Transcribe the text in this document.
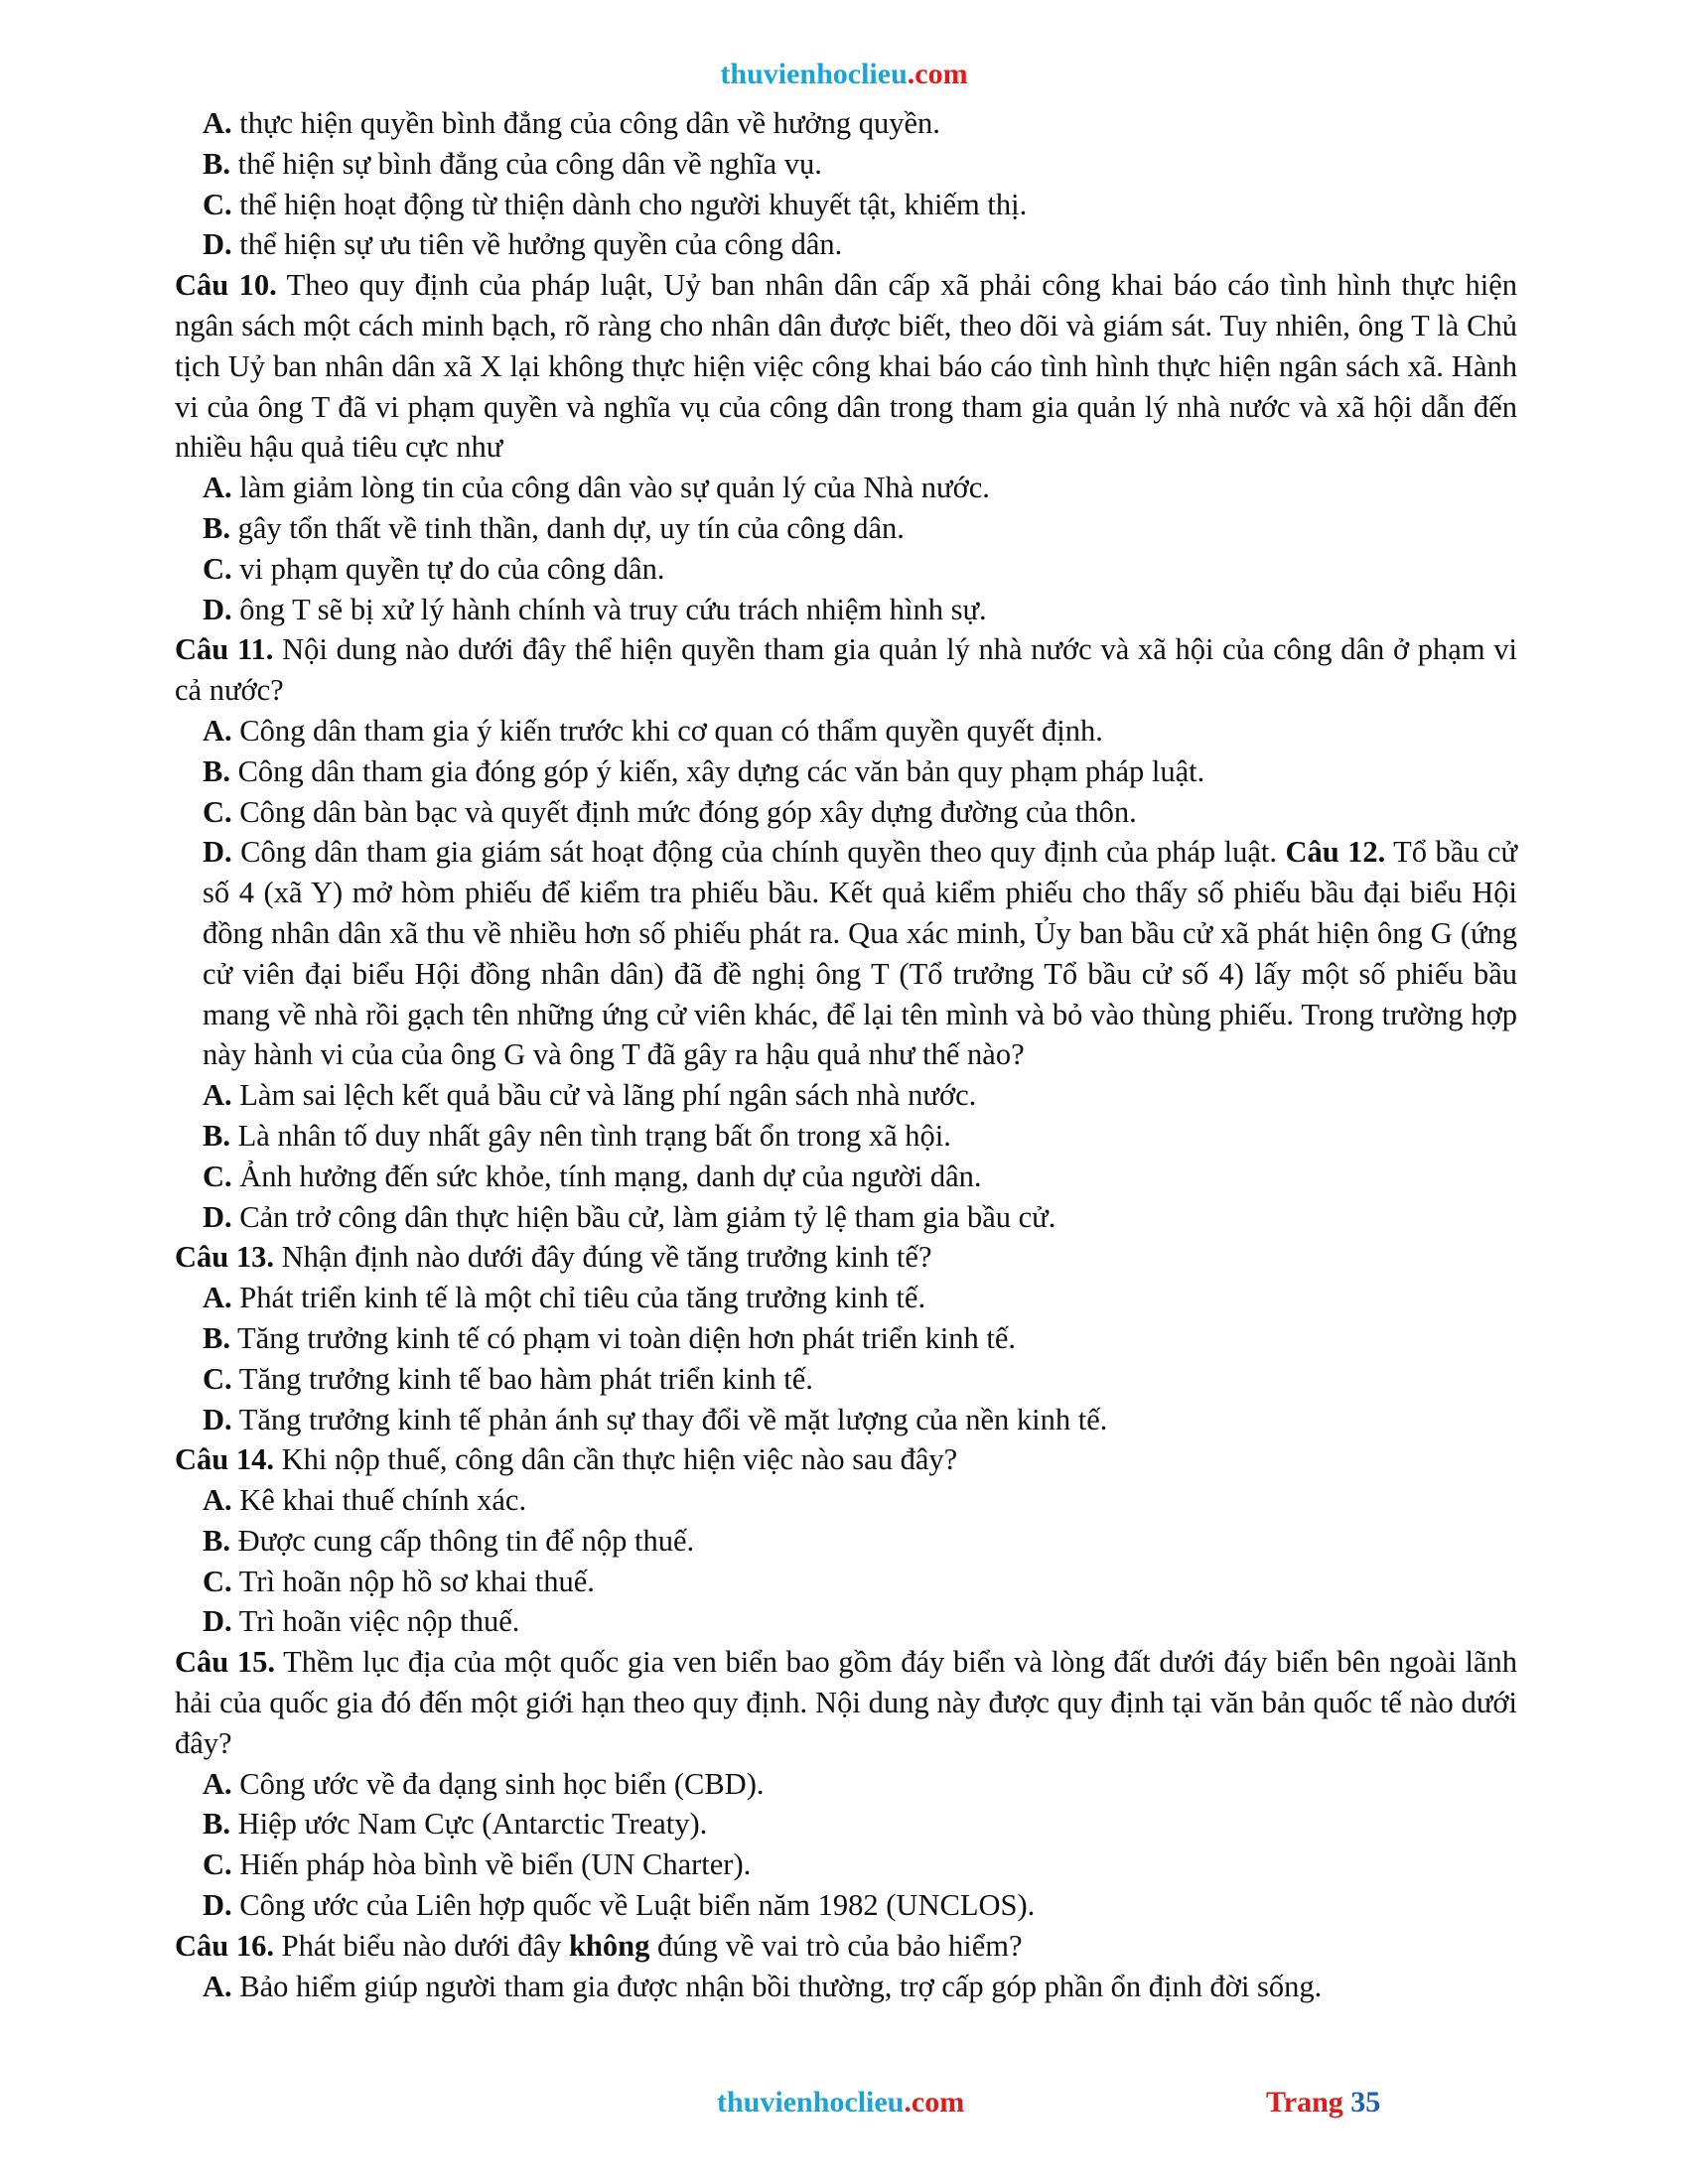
thuvienhoclieu.com

A. thực hiện quyền bình đẳng của công dân về hưởng quyền.

B. thể hiện sự bình đẳng của công dân về nghĩa vụ.

C. thể hiện hoạt động từ thiện dành cho người khuyết tật, khiếm thị.

D. thể hiện sự ưu tiên về hưởng quyền của công dân.

Câu 10. Theo quy định của pháp luật, Uỷ ban nhân dân cấp xã phải công khai báo cáo tình hình thực hiện ngân sách một cách minh bạch, rõ ràng cho nhân dân được biết, theo dõi và giám sát. Tuy nhiên, ông T là Chủ tịch Uỷ ban nhân dân xã X lại không thực hiện việc công khai báo cáo tình hình thực hiện ngân sách xã. Hành vi của ông T đã vi phạm quyền và nghĩa vụ của công dân trong tham gia quản lý nhà nước và xã hội dẫn đến nhiều hậu quả tiêu cực như

A. làm giảm lòng tin của công dân vào sự quản lý của Nhà nước.

B. gây tổn thất về tinh thần, danh dự, uy tín của công dân.

C. vi phạm quyền tự do của công dân.

D. ông T sẽ bị xử lý hành chính và truy cứu trách nhiệm hình sự.

Câu 11. Nội dung nào dưới đây thể hiện quyền tham gia quản lý nhà nước và xã hội của công dân ở phạm vi cả nước?

A. Công dân tham gia ý kiến trước khi cơ quan có thẩm quyền quyết định.

B. Công dân tham gia đóng góp ý kiến, xây dựng các văn bản quy phạm pháp luật.

C. Công dân bàn bạc và quyết định mức đóng góp xây dựng đường của thôn.

D. Công dân tham gia giám sát hoạt động của chính quyền theo quy định của pháp luật. Câu 12. Tổ bầu cử số 4 (xã Y) mở hòm phiếu để kiểm tra phiếu bầu. Kết quả kiểm phiếu cho thấy số phiếu bầu đại biểu Hội đồng nhân dân xã thu về nhiều hơn số phiếu phát ra. Qua xác minh, Ủy ban bầu cử xã phát hiện ông G (ứng cử viên đại biểu Hội đồng nhân dân) đã đề nghị ông T (Tổ trưởng Tổ bầu cử số 4) lấy một số phiếu bầu mang về nhà rồi gạch tên những ứng cử viên khác, để lại tên mình và bỏ vào thùng phiếu. Trong trường hợp này hành vi của của ông G và ông T đã gây ra hậu quả như thế nào?

A. Làm sai lệch kết quả bầu cử và lãng phí ngân sách nhà nước.

B. Là nhân tố duy nhất gây nên tình trạng bất ổn trong xã hội.

C. Ảnh hưởng đến sức khỏe, tính mạng, danh dự của người dân.

D. Cản trở công dân thực hiện bầu cử, làm giảm tỷ lệ tham gia bầu cử.

Câu 13. Nhận định nào dưới đây đúng về tăng trưởng kinh tế?

A. Phát triển kinh tế là một chỉ tiêu của tăng trưởng kinh tế.

B. Tăng trưởng kinh tế có phạm vi toàn diện hơn phát triển kinh tế.

C. Tăng trưởng kinh tế bao hàm phát triển kinh tế.

D. Tăng trưởng kinh tế phản ánh sự thay đổi về mặt lượng của nền kinh tế.

Câu 14. Khi nộp thuế, công dân cần thực hiện việc nào sau đây?

A. Kê khai thuế chính xác.

B. Được cung cấp thông tin để nộp thuế.

C. Trì hoãn nộp hồ sơ khai thuế.

D. Trì hoãn việc nộp thuế.

Câu 15. Thềm lục địa của một quốc gia ven biển bao gồm đáy biển và lòng đất dưới đáy biển bên ngoài lãnh hải của quốc gia đó đến một giới hạn theo quy định. Nội dung này được quy định tại văn bản quốc tế nào dưới đây?

A. Công ước về đa dạng sinh học biển (CBD).

B. Hiệp ước Nam Cực (Antarctic Treaty).

C. Hiến pháp hòa bình về biển (UN Charter).

D. Công ước của Liên hợp quốc về Luật biển năm 1982 (UNCLOS).

Câu 16. Phát biểu nào dưới đây không đúng về vai trò của bảo hiểm?

A. Bảo hiểm giúp người tham gia được nhận bồi thường, trợ cấp góp phần ổn định đời sống.

thuvienhoclieu.com	Trang 35
